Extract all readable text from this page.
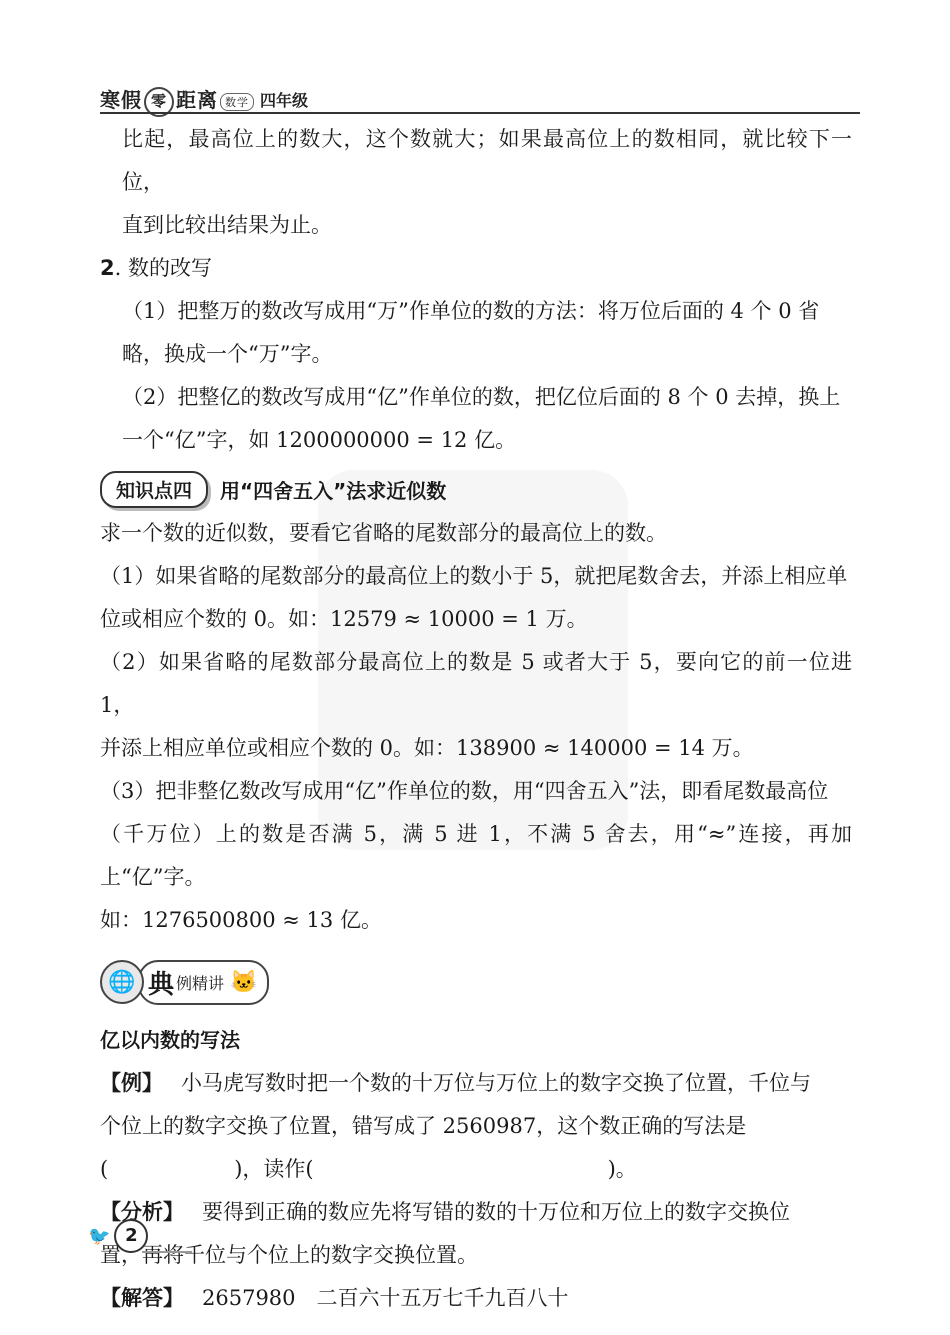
寒假 零 距离 数学 四年级

比起，最高位上的数大，这个数就大；如果最高位上的数相同，就比较下一位，

直到比较出结果为止。

2. 数的改写

（1）把整万的数改写成用“万”作单位的数的方法：将万位后面的 4 个 0 省

略，换成一个“万”字。

（2）把整亿的数改写成用“亿”作单位的数，把亿位后面的 8 个 0 去掉，换上

一个“亿”字，如 1200000000 = 12 亿。

知识点四	用“四舍五入”法求近似数

求一个数的近似数，要看它省略的尾数部分的最高位上的数。

（1）如果省略的尾数部分的最高位上的数小于 5，就把尾数舍去，并添上相应单

位或相应个数的 0。如：12579 ≈ 10000 = 1 万。

（2）如果省略的尾数部分最高位上的数是 5 或者大于 5，要向它的前一位进 1，

并添上相应单位或相应个数的 0。如：138900 ≈ 140000 = 14 万。

（3）把非整亿数改写成用“亿”作单位的数，用“四舍五入”法，即看尾数最高位

（千万位）上的数是否满 5，满 5 进 1，不满 5 舍去，用“≈”连接，再加上“亿”字。

如：1276500800 ≈ 13 亿。

🌐 典 例精讲 🐱
亿以内数的写法

【例】 小马虎写数时把一个数的十万位与万位上的数字交换了位置，千位与

个位上的数字交换了位置，错写成了 2560987，这个数正确的写法是

(　　　　　　)，读作(　　　　　　　　　　　　　　)。

【分析】 要得到正确的数应先将写错的数的十万位和万位上的数字交换位

置，再将千位与个位上的数字交换位置。

【解答】 2657980　二百六十五万七千九百八十

🐦 2
